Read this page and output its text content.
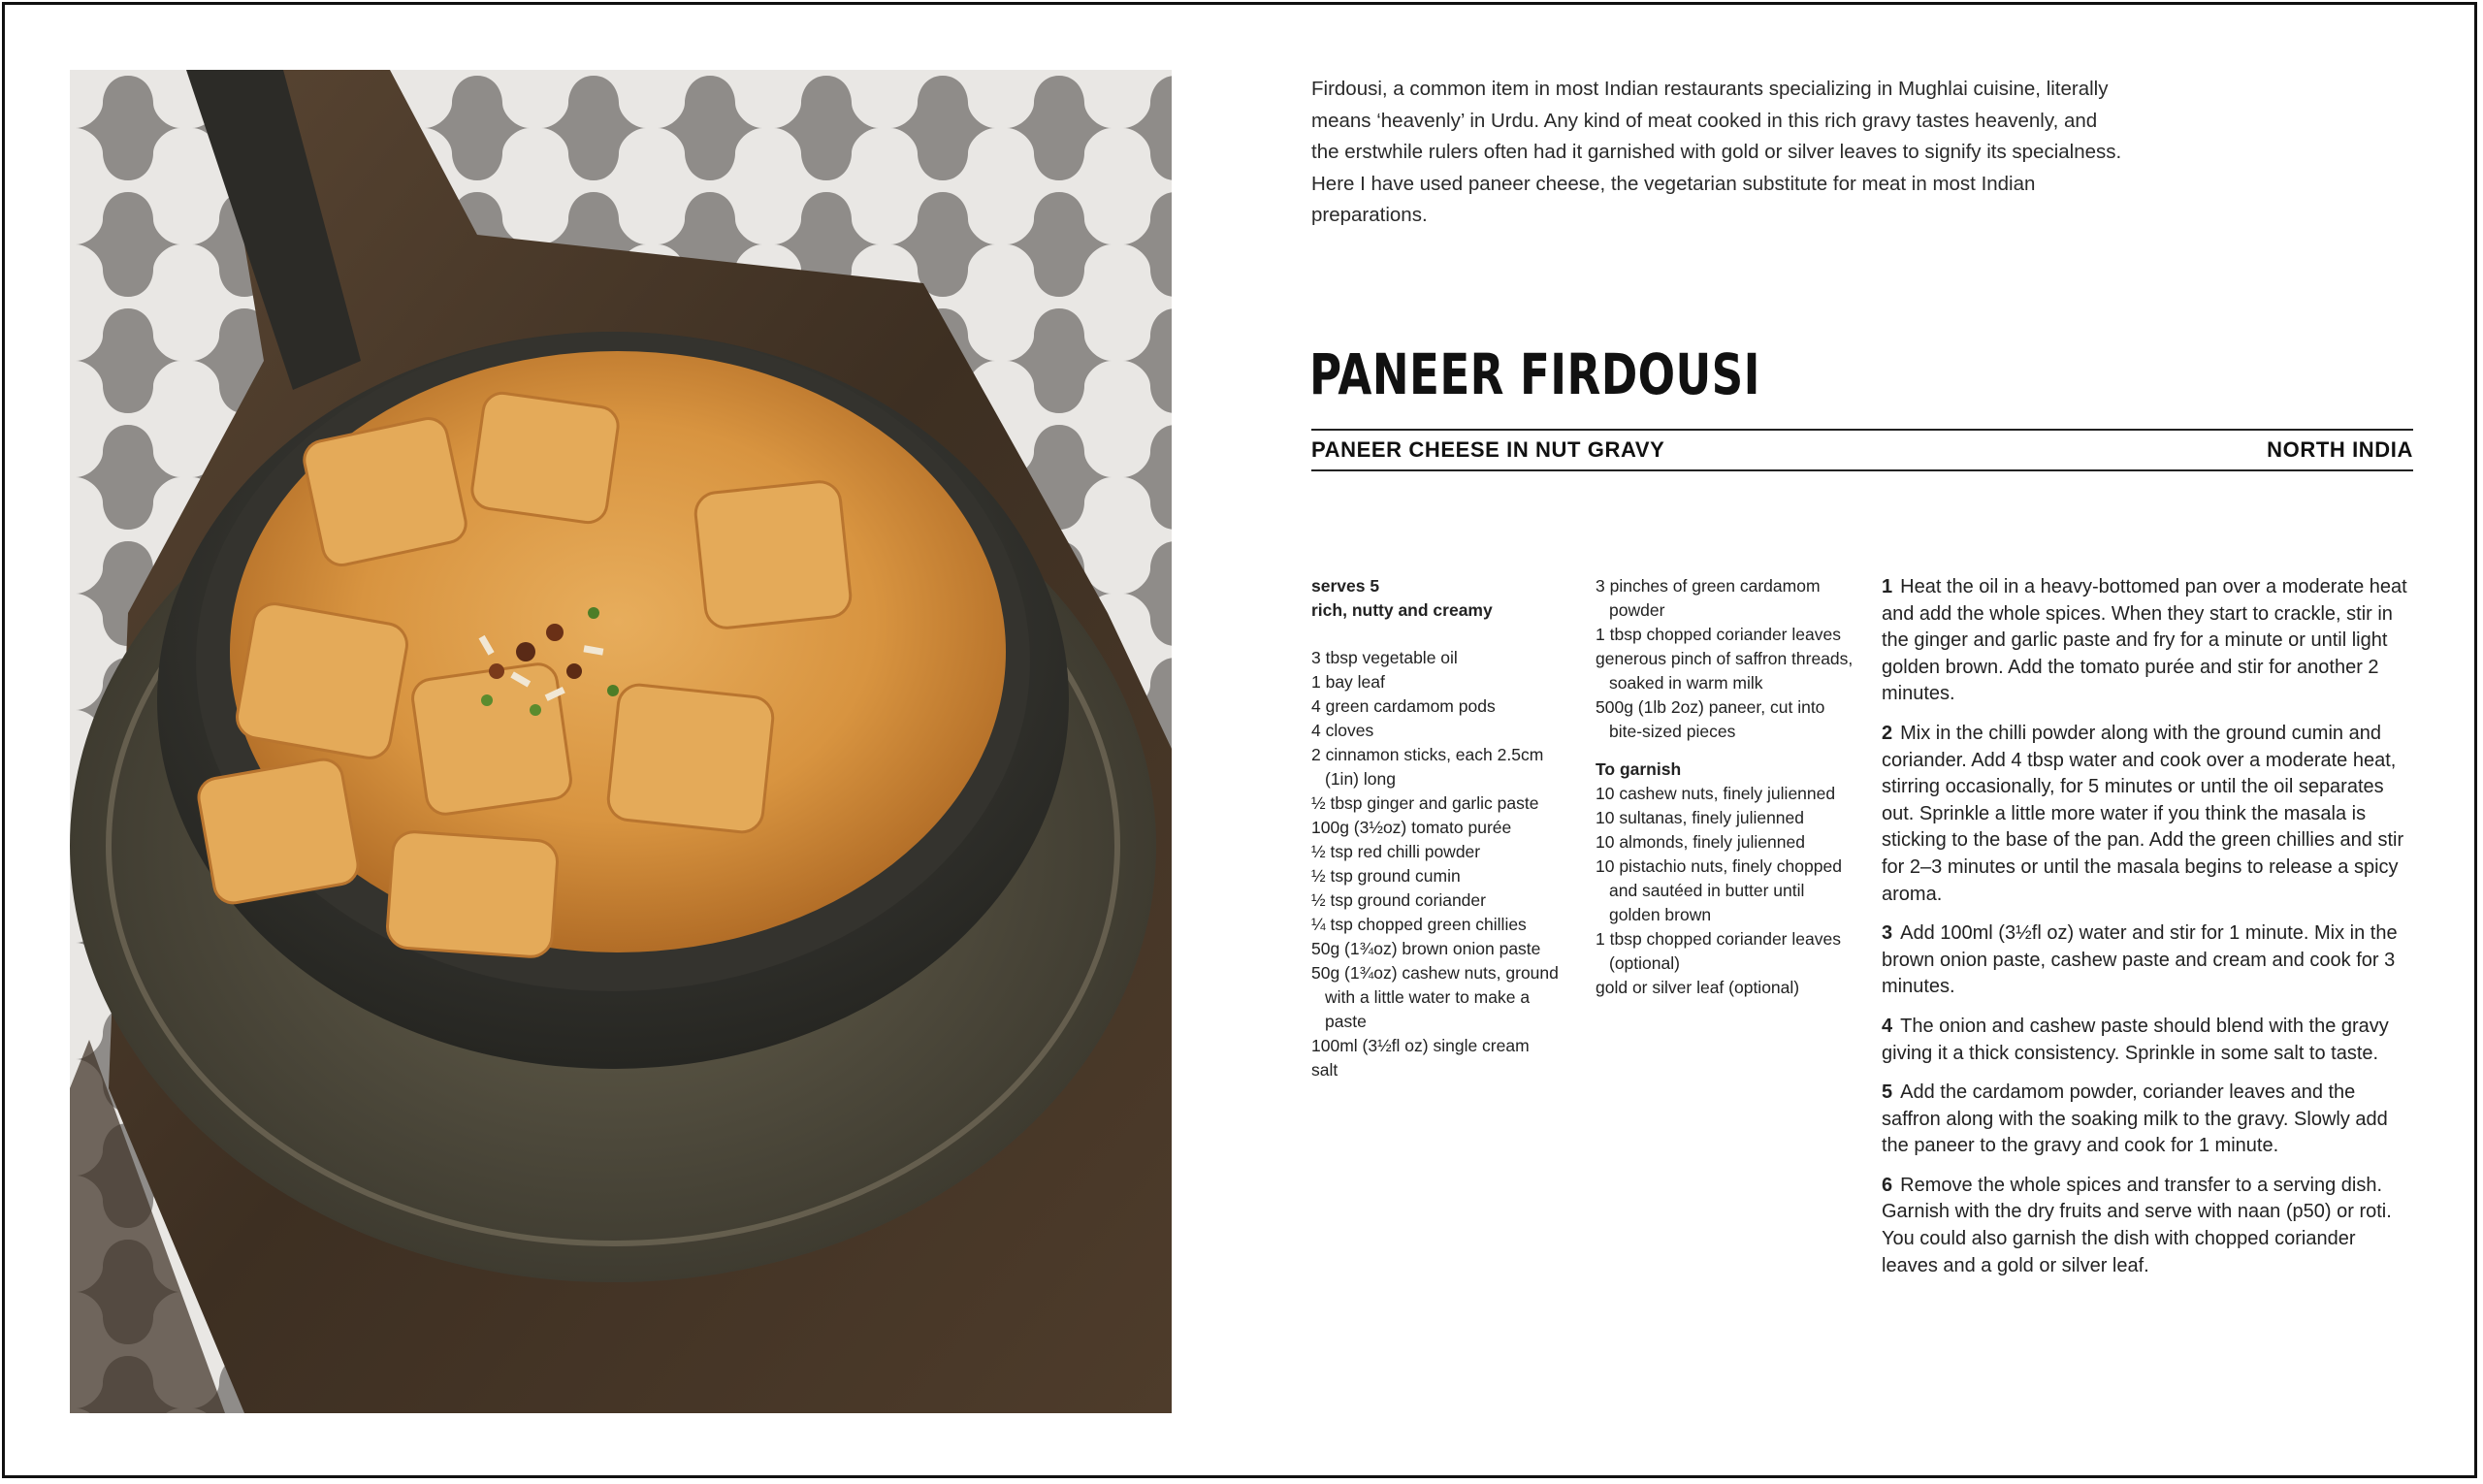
Firdousi, a common item in most Indian restaurants specializing in Mughlai cuisine, literally means ‘heavenly’ in Urdu. Any kind of meat cooked in this rich gravy tastes heavenly, and the erstwhile rulers often had it garnished with gold or silver leaves to signify its specialness. Here I have used paneer cheese, the vegetarian substitute for meat in most Indian preparations.
PANEER FIRDOUSI
PANEER CHEESE IN NUT GRAVY	NORTH INDIA
serves 5
rich, nutty and creamy
3 tbsp vegetable oil
1 bay leaf
4 green cardamom pods
4 cloves
2 cinnamon sticks, each 2.5cm (1in) long
½ tbsp ginger and garlic paste
100g (3½oz) tomato purée
½ tsp red chilli powder
½ tsp ground cumin
½ tsp ground coriander
¼ tsp chopped green chillies
50g (1¾oz) brown onion paste
50g (1¾oz) cashew nuts, ground with a little water to make a paste
100ml (3½fl oz) single cream
salt
3 pinches of green cardamom powder
1 tbsp chopped coriander leaves
generous pinch of saffron threads, soaked in warm milk
500g (1lb 2oz) paneer, cut into bite-sized pieces
To garnish
10 cashew nuts, finely julienned
10 sultanas, finely julienned
10 almonds, finely julienned
10 pistachio nuts, finely chopped and sautéed in butter until golden brown
1 tbsp chopped coriander leaves (optional)
gold or silver leaf (optional)
1 Heat the oil in a heavy-bottomed pan over a moderate heat and add the whole spices. When they start to crackle, stir in the ginger and garlic paste and fry for a minute or until light golden brown. Add the tomato purée and stir for another 2 minutes.
2 Mix in the chilli powder along with the ground cumin and coriander. Add 4 tbsp water and cook over a moderate heat, stirring occasionally, for 5 minutes or until the oil separates out. Sprinkle a little more water if you think the masala is sticking to the base of the pan. Add the green chillies and stir for 2–3 minutes or until the masala begins to release a spicy aroma.
3 Add 100ml (3½fl oz) water and stir for 1 minute. Mix in the brown onion paste, cashew paste and cream and cook for 3 minutes.
4 The onion and cashew paste should blend with the gravy giving it a thick consistency. Sprinkle in some salt to taste.
5 Add the cardamom powder, coriander leaves and the saffron along with the soaking milk to the gravy. Slowly add the paneer to the gravy and cook for 1 minute.
6 Remove the whole spices and transfer to a serving dish. Garnish with the dry fruits and serve with naan (p50) or roti. You could also garnish the dish with chopped coriander leaves and a gold or silver leaf.
